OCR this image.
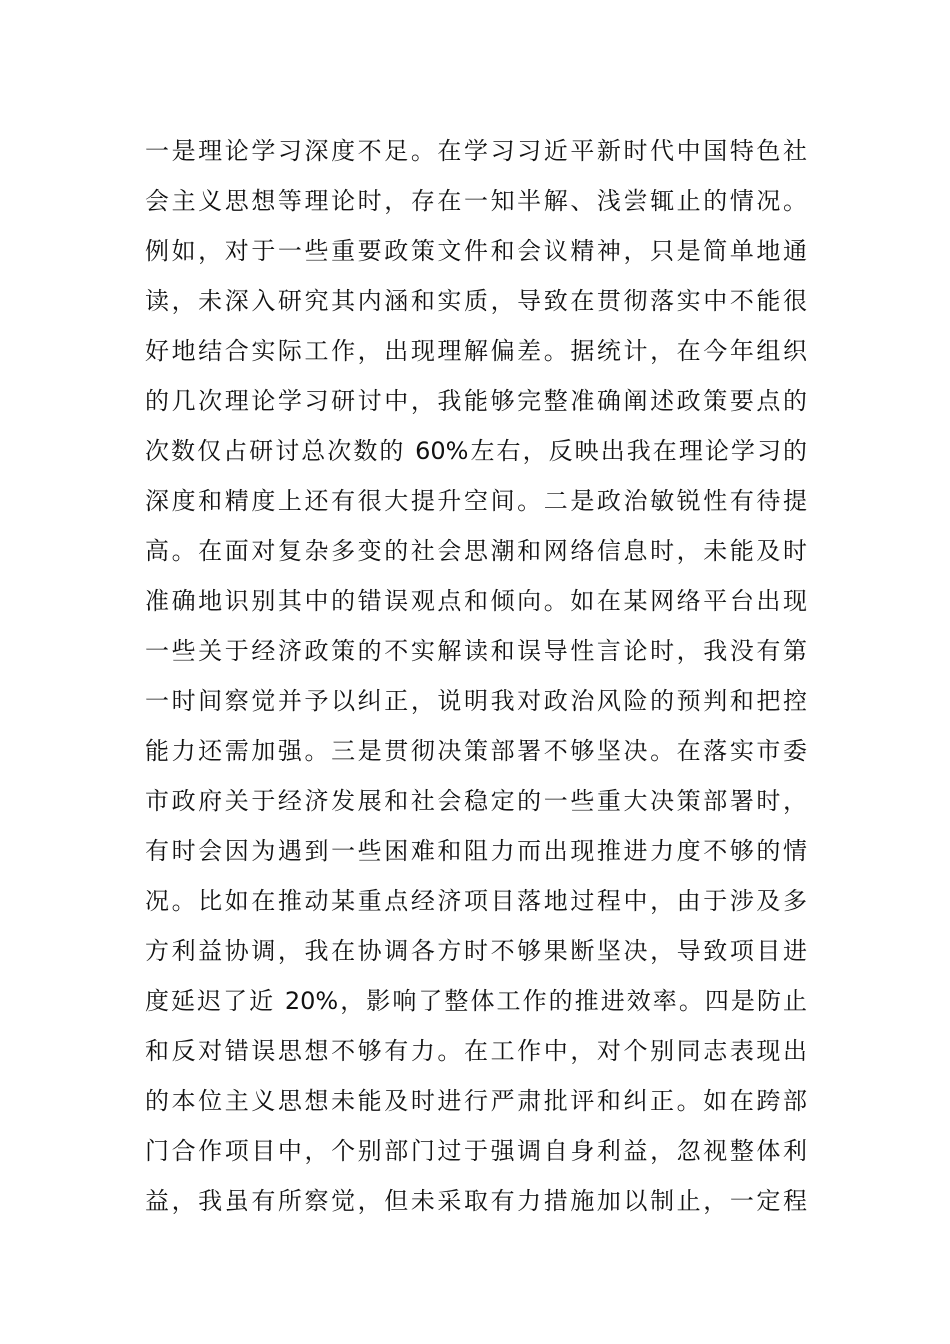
一是理论学习深度不足。在学习习近平新时代中国特色社
会主义思想等理论时，存在一知半解、浅尝辄止的情况。
例如，对于一些重要政策文件和会议精神，只是简单地通
读，未深入研究其内涵和实质，导致在贯彻落实中不能很
好地结合实际工作，出现理解偏差。据统计，在今年组织
的几次理论学习研讨中，我能够完整准确阐述政策要点的
次数仅占研讨总次数的 60%左右，反映出我在理论学习的
深度和精度上还有很大提升空间。二是政治敏锐性有待提
高。在面对复杂多变的社会思潮和网络信息时，未能及时
准确地识别其中的错误观点和倾向。如在某网络平台出现
一些关于经济政策的不实解读和误导性言论时，我没有第
一时间察觉并予以纠正，说明我对政治风险的预判和把控
能力还需加强。三是贯彻决策部署不够坚决。在落实市委
市政府关于经济发展和社会稳定的一些重大决策部署时，
有时会因为遇到一些困难和阻力而出现推进力度不够的情
况。比如在推动某重点经济项目落地过程中，由于涉及多
方利益协调，我在协调各方时不够果断坚决，导致项目进
度延迟了近 20%，影响了整体工作的推进效率。四是防止
和反对错误思想不够有力。在工作中，对个别同志表现出
的本位主义思想未能及时进行严肃批评和纠正。如在跨部
门合作项目中，个别部门过于强调自身利益，忽视整体利
益，我虽有所察觉，但未采取有力措施加以制止，一定程
